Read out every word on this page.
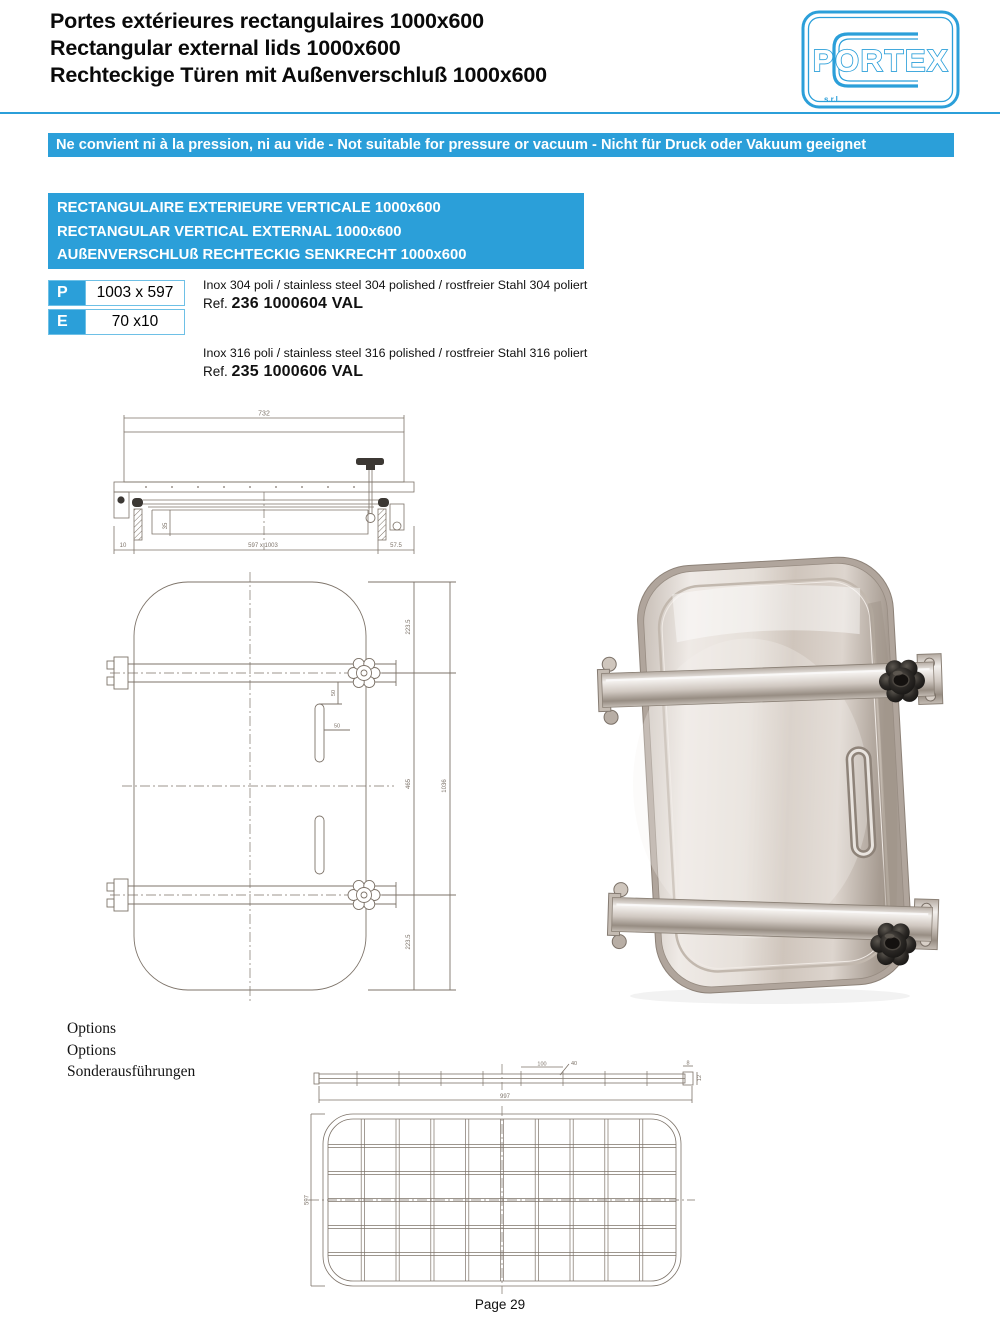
Portes extérieures rectangulaires 1000x600
Rectangular external lids 1000x600
Rechteckige Türen mit Außenverschluß 1000x600	PORTEX
s.r.l.
Ne convient ni à la pression, ni au vide - Not suitable for pressure or vacuum - Nicht für Druck oder Vakuum geeignet
RECTANGULAIRE EXTERIEURE VERTICALE 1000x600
RECTANGULAR VERTICAL EXTERNAL 1000x600
AUßENVERSCHLUß RECHTECKIG SENKRECHT 1000x600
P	1003 x 597
E	70 x10
Inox 304 poli / stainless steel 304 polished / rostfreier Stahl 304 poliert
Ref. 236 1000604 VAL
Inox 316 poli / stainless steel 316 polished / rostfreier Stahl 316 poliert
Ref. 235 1000606 VAL
732
10	597 x 1003	57.5
35
223.5
465
223.5
1036
50
50
Options
Options
Sonderausführungen	100	40	8
12
997
597
Page 29
